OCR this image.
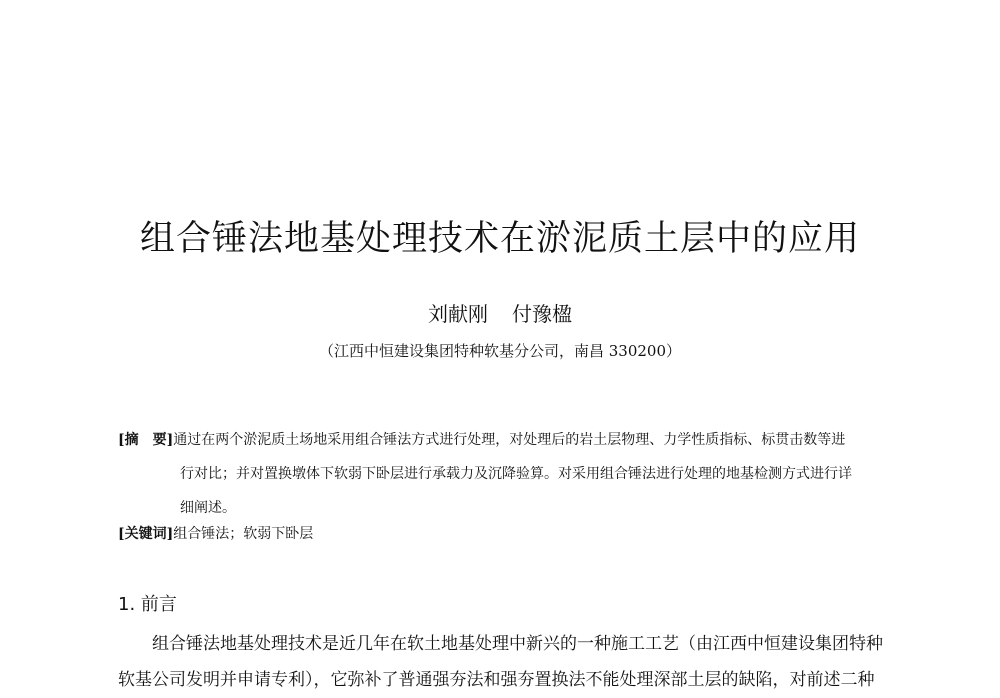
组合锤法地基处理技术在淤泥质土层中的应用
刘献刚 付豫楹
（江西中恒建设集团特种软基分公司，南昌 330200）
[摘　要]通过在两个淤泥质土场地采用组合锤法方式进行处理，对处理后的岩土层物理、力学性质指标、标贯击数等进
行对比；并对置换墩体下软弱下卧层进行承载力及沉降验算。对采用组合锤法进行处理的地基检测方式进行详
细阐述。
[关键词]组合锤法；软弱下卧层
1. 前言
组合锤法地基处理技术是近几年在软土地基处理中新兴的一种施工工艺（由江西中恒建设集团特种
软基公司发明并申请专利），它弥补了普通强夯法和强夯置换法不能处理深部土层的缺陷，对前述二种
